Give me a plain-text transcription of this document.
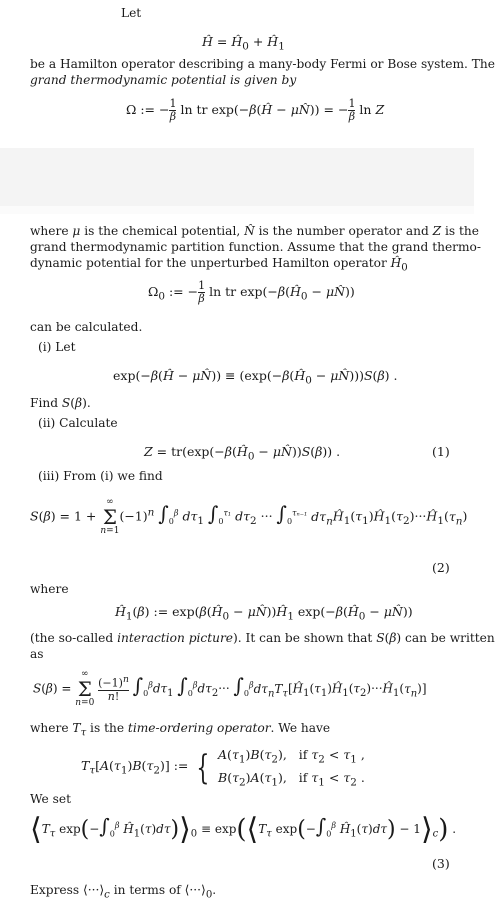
Let
Ĥ = $Ĥ_0$ + $Ĥ_1$
be a Hamilton operator describing a many-body Fermi or Bose system. The
grand thermodynamic potential is given by
Ω := − $\frac{1}{\beta}$ ln tr exp(−β(Ĥ − μN̂)) = − $\frac{1}{\beta}$ ln Z
where μ is the chemical potential, N̂ is the number operator and Z is the
grand thermodynamic partition function. Assume that the grand thermo-
dynamic potential for the unperturbed Hamilton operator $Ĥ_0$
$\Omega_0$ := − $\frac{1}{\beta}$ ln tr $\exp(-\beta(Ĥ_0$ − μN̂))
can be calculated.
(i) Let
exp(−β(Ĥ − μN̂)) ≡ ($\exp(-\beta(Ĥ_0$ − μN̂)))S(β) .
Find S(β).
(ii) Calculate
$Z = tr(\exp(-\beta(Ĥ_0$ − μN̂))S(β)) .	(1)
(iii) From (i) we find
S(β) = 1 +
∞
Σ
n=1
$(-1)^n$ $\int_0^\beta$ $d\tau_1$ $\int_0^{\tau_1}$ $d\tau_2$ ··· $\int_0^{\tau_{n-1}}$ $d\tau_nĤ_1(\tau_1)Ĥ_1(\tau_2)\cdot\cdot\cdot Ĥ_1(\tau_n)$
(2)
where
$Ĥ_1(\beta)$ := $\exp(\beta(Ĥ_0$ − $\mu N̂))Ĥ_1$ $\exp(-\beta(Ĥ_0$ − μN̂))
(the so-called interaction picture). It can be shown that S(β) can be written
as
S(β) =
∞
Σ
n=0

$\frac{(-1)^n}{n!} \int_0^\beta d\tau_1$ $\int_0^\beta d\tau_2\cdot\cdot\cdot$ $\int_0^\beta d\tau_nT_\tau[Ĥ_1(\tau_1)Ĥ_1(\tau_2)\cdot\cdot\cdot Ĥ_1(\tau_n)]$
where $T_\tau$ is the time-ordering operator. We have
$T_\tau[A(\tau_1)B(\tau_2)]$ := { $A(\tau_1)B(\tau_2)$,   if $\tau_2 < \tau_1$ ,
$B(\tau_2)A(\tau_1)$,   if $\tau_1 < \tau_2$ .
We set
$⟨T_\tau$ $\exp(-\int_0^\beta$ $Ĥ_1(\tau)d\tau)⟩_0$ ≡ $\exp(⟨T_\tau$ $\exp(-\int_0^\beta$ $Ĥ_1(\tau)d\tau$) − $1⟩_c$) .
(3)
Express $⟨\cdot\cdot\cdot⟩_c$ in terms of $⟨\cdot\cdot\cdot⟩_0$.
